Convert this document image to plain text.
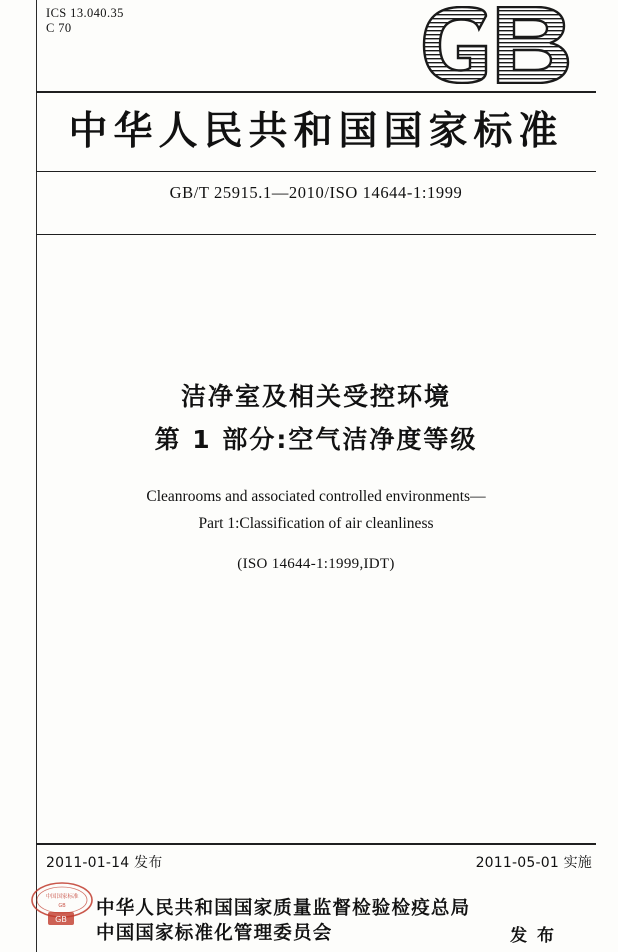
ICS 13.040.35
C 70
中华人民共和国国家标准
GB/T 25915.1—2010/ISO 14644-1:1999
洁净室及相关受控环境
第 1 部分:空气洁净度等级
Cleanrooms and associated controlled environments—
Part 1:Classification of air cleanliness
(ISO 14644-1:1999,IDT)
2011-01-14 发布	2011-05-01 实施
中国国家标准
GB
GB
中华人民共和国国家质量监督检验检疫总局
中国国家标准化管理委员会	发 布
